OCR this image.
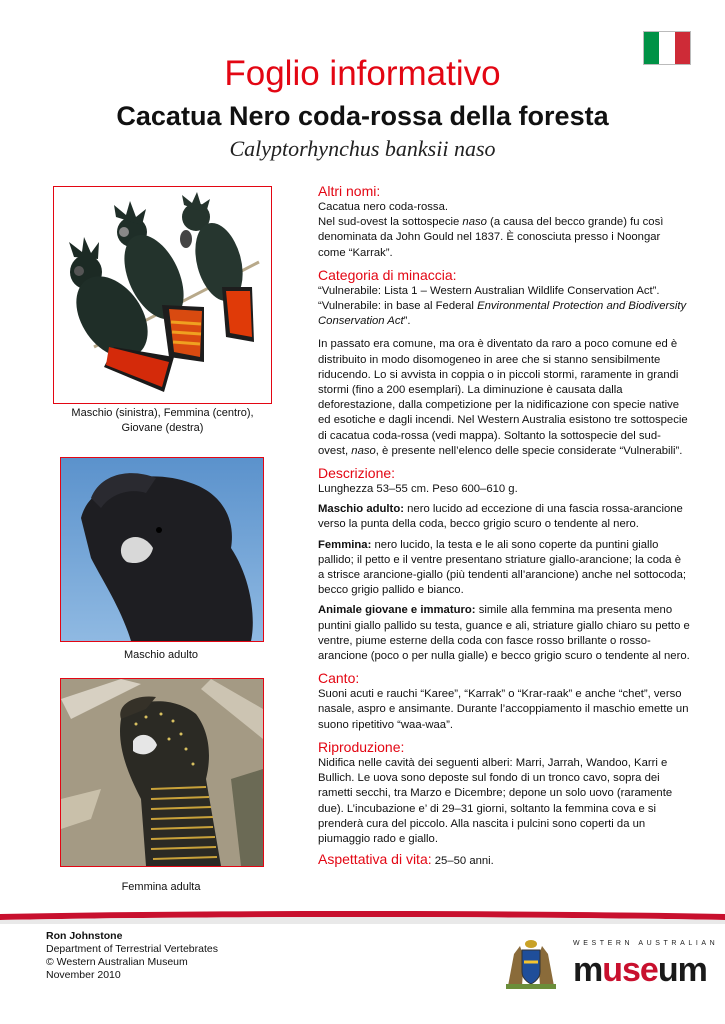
Foglio informativo
Cacatua Nero coda-rossa della foresta
Calyptorhynchus banksii naso
Maschio (sinistra), Femmina (centro), Giovane (destra)
Maschio adulto
Femmina adulta
Altri nomi:

Cacatua nero coda-rossa.

Nel sud-ovest la sottospecie naso (a causa del becco grande) fu così denominata da John Gould nel 1837. È conosciuta presso i Noongar come “Karrak”.

Categoria di minaccia:

“Vulnerabile: Lista 1 – Western Australian Wildlife Conservation Act”.

“Vulnerabile: in base al Federal Environmental Protection and Biodiversity Conservation Act”.

In passato era comune, ma ora è diventato da raro a poco comune ed è distribuito in modo disomogeneo in aree che si stanno sensibilmente riducendo. Lo si avvista in coppia o in piccoli stormi, raramente in grandi stormi (fino a 200 esemplari). La diminuzione è causata dalla deforestazione, dalla competizione per la nidificazione con specie native ed esotiche e dagli incendi. Nel Western Australia esistono tre sottospecie di cacatua coda-rossa (vedi mappa). Soltanto la sottospecie del sud-ovest, naso, è presente nell’elenco delle specie considerate “Vulnerabili”.

Descrizione:

Lunghezza 53–55 cm. Peso 600–610 g.

Maschio adulto: nero lucido ad eccezione di una fascia rossa-arancione verso la punta della coda, becco grigio scuro o tendente al nero.

Femmina: nero lucido, la testa e le ali sono coperte da puntini giallo pallido; il petto e il ventre presentano striature giallo-arancione; la coda è a strisce arancione-giallo (più tendenti all’arancione) anche nel sottocoda; becco grigio pallido e bianco.

Animale giovane e immaturo: simile alla femmina ma presenta meno puntini giallo pallido su testa, guance e ali, striature giallo chiaro su petto e ventre, piume esterne della coda con fasce rosso brillante o rosso- arancione (poco o per nulla gialle) e becco grigio scuro o tendente al nero.

Canto:

Suoni acuti e rauchi “Karee”, “Karrak” o “Krar-raak” e anche “chet”, verso nasale, aspro e ansimante. Durante l’accoppiamento il maschio emette un suono ripetitivo “waa-waa”.

Riproduzione:

Nidifica nelle cavità dei seguenti alberi: Marri, Jarrah, Wandoo, Karri e Bullich. Le uova sono deposte sul fondo di un tronco cavo, sopra dei rametti secchi, tra Marzo e Dicembre; depone un solo uovo (raramente due). L’incubazione e’ di 29–31 giorni, soltanto la femmina cova e si prenderà cura del piccolo. Alla nascita i pulcini sono coperti da un piumaggio rado e giallo.

Aspettativa di vita: 25–50 anni.

Ron Johnstone
Department of Terrestrial Vertebrates
© Western Australian Museum
November 2010
WESTERN AUSTRALIAN
museum
